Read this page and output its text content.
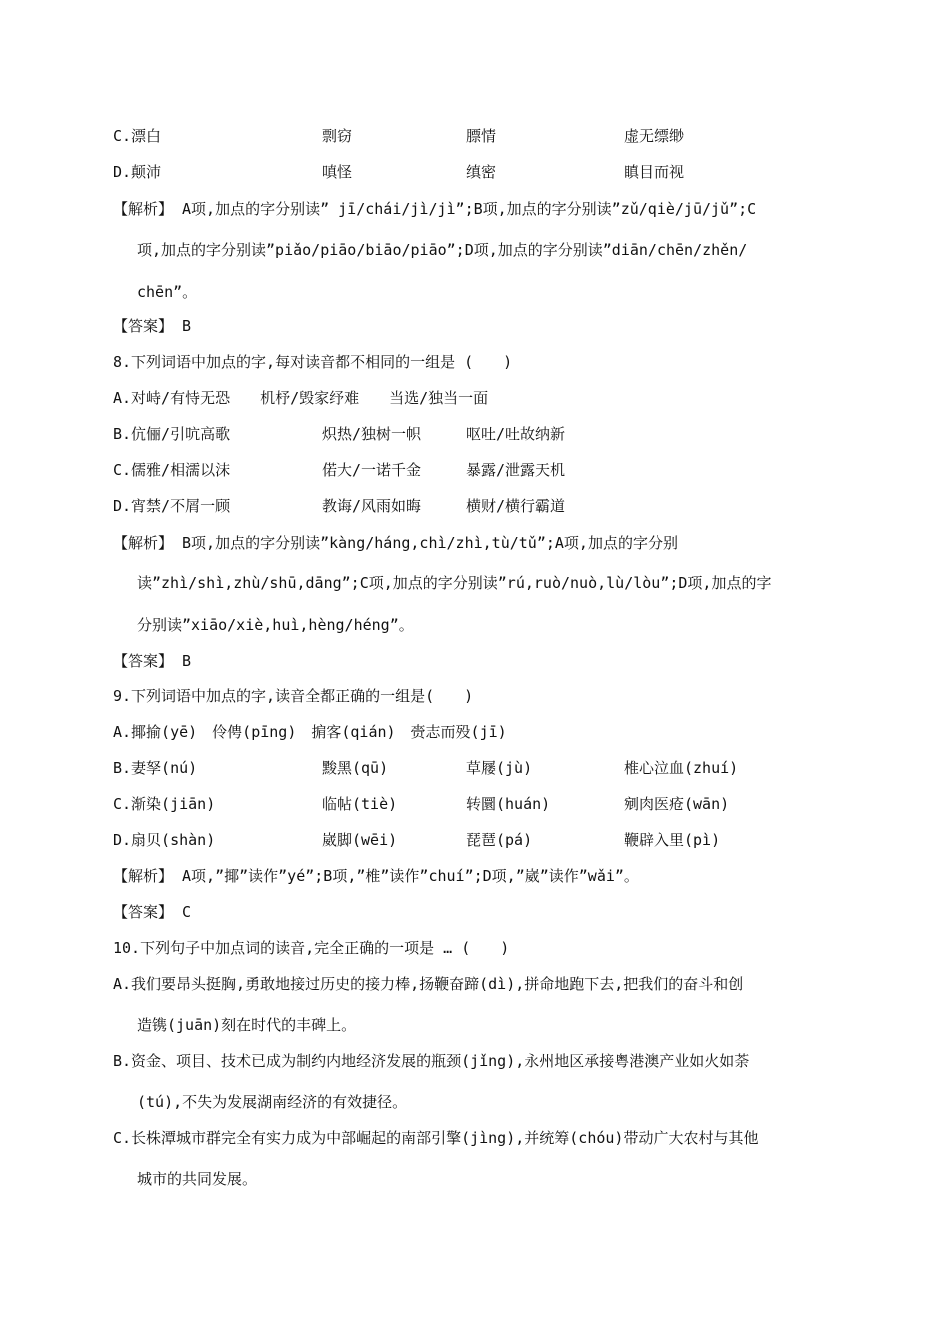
C.漂白	剽窃	膘情	虚无缥缈
D.颠沛	嗔怪	缜密	瞋目而视
【解析】 A项,加点的字分别读” jī/chái/jì/jì”;B项,加点的字分别读”zǔ/qiè/jū/jǔ”;C
项,加点的字分别读”piǎo/piāo/biāo/piāo”;D项,加点的字分别读”diān/chēn/zhěn/
chēn”。
【答案】 B
8.下列词语中加点的字,每对读音都不相同的一组是 (　　)
A.对峙/有恃无恐　　机杼/毁家纾难　　当选/独当一面
B.伉俪/引吭高歌	炽热/独树一帜	呕吐/吐故纳新
C.儒雅/相濡以沫	偌大/一诺千金	暴露/泄露天机
D.宵禁/不屑一顾	教诲/风雨如晦	横财/横行霸道
【解析】 B项,加点的字分别读”kàng/háng,chì/zhì,tù/tǔ”;A项,加点的字分别
读”zhì/shì,zhù/shū,dāng”;C项,加点的字分别读”rú,ruò/nuò,lù/lòu”;D项,加点的字
分别读”xiāo/xiè,huì,hèng/héng”。
【答案】 B
9.下列词语中加点的字,读音全都正确的一组是(　　)
A.揶揄(yē)　伶俜(pīng)　掮客(qián)　赍志而殁(jī)
B.妻孥(nú)	黢黑(qū)	草屦(jù)	椎心泣血(zhuí)
C.渐染(jiān)	临帖(tiè)	转圜(huán)	剜肉医疮(wān)
D.扇贝(shàn)	崴脚(wēi)	琵琶(pá)	鞭辟入里(pì)
【解析】 A项,”揶”读作”yé”;B项,”椎”读作”chuí”;D项,”崴”读作”wǎi”。
【答案】 C
10.下列句子中加点词的读音,完全正确的一项是 … (　　)
A.我们要昂头挺胸,勇敢地接过历史的接力棒,扬鞭奋蹄(dì),拼命地跑下去,把我们的奋斗和创
造镌(juān)刻在时代的丰碑上。
B.资金、项目、技术已成为制约内地经济发展的瓶颈(jǐng),永州地区承接粤港澳产业如火如荼
(tú),不失为发展湖南经济的有效捷径。
C.长株潭城市群完全有实力成为中部崛起的南部引擎(jìng),并统筹(chóu)带动广大农村与其他
城市的共同发展。
